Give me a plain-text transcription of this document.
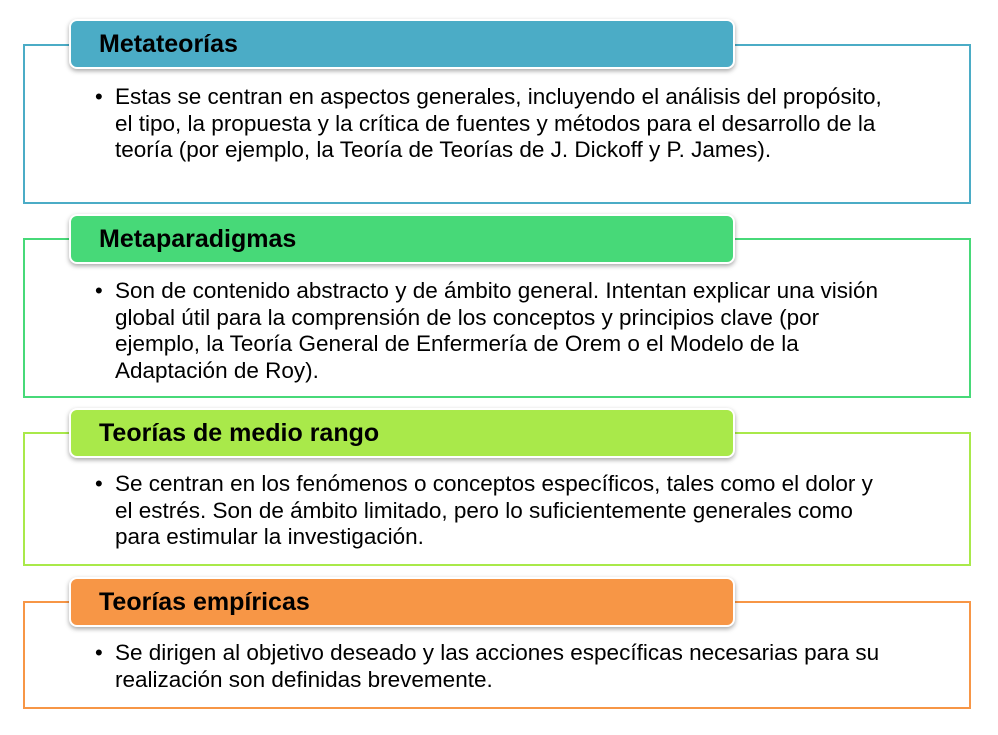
Metateorías
• Estas se centran en aspectos generales, incluyendo el análisis del propósito, el tipo, la propuesta y la crítica de fuentes y métodos para el desarrollo de la teoría (por ejemplo, la Teoría de Teorías de J. Dickoff y P. James).
Metaparadigmas
• Son de contenido abstracto y de ámbito general. Intentan explicar una visión global útil para la comprensión de los conceptos y principios clave (por ejemplo, la Teoría General de Enfermería de Orem o el Modelo de la Adaptación de Roy).
Teorías de medio rango
• Se centran en los fenómenos o conceptos específicos, tales como el dolor y el estrés. Son de ámbito limitado, pero lo suficientemente generales como para estimular la investigación.
Teorías empíricas
• Se dirigen al objetivo deseado y las acciones específicas necesarias para su realización son definidas brevemente.
